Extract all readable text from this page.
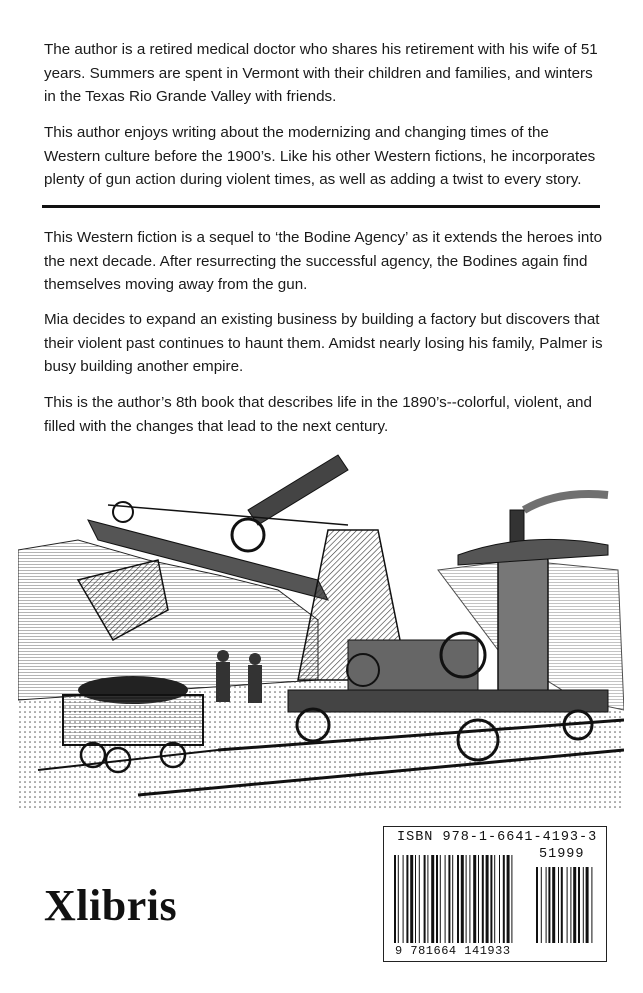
The author is a retired medical doctor who shares his retirement with his wife of 51 years. Summers are spent in Vermont with their children and families, and winters in the Texas Rio Grande Valley with friends.

This author enjoys writing about the modernizing and changing times of the Western culture before the 1900’s. Like his other Western fictions, he incorporates plenty of gun action during violent times, as well as adding a twist to every story.

This Western fiction is a sequel to ‘the Bodine Agency’ as it extends the heroes into the next decade. After resurrecting the successful agency, the Bodines again find themselves moving away from the gun.

Mia decides to expand an existing business by building a factory but discovers that their violent past continues to haunt them. Amidst nearly losing his family, Palmer is busy building another empire.

This is the author’s 8th book that describes life in the 1890’s--colorful, violent, and filled with the changes that lead to the next century.

Xlibris
ISBN 978-1-6641-4193-3
51999
9 781664 141933
